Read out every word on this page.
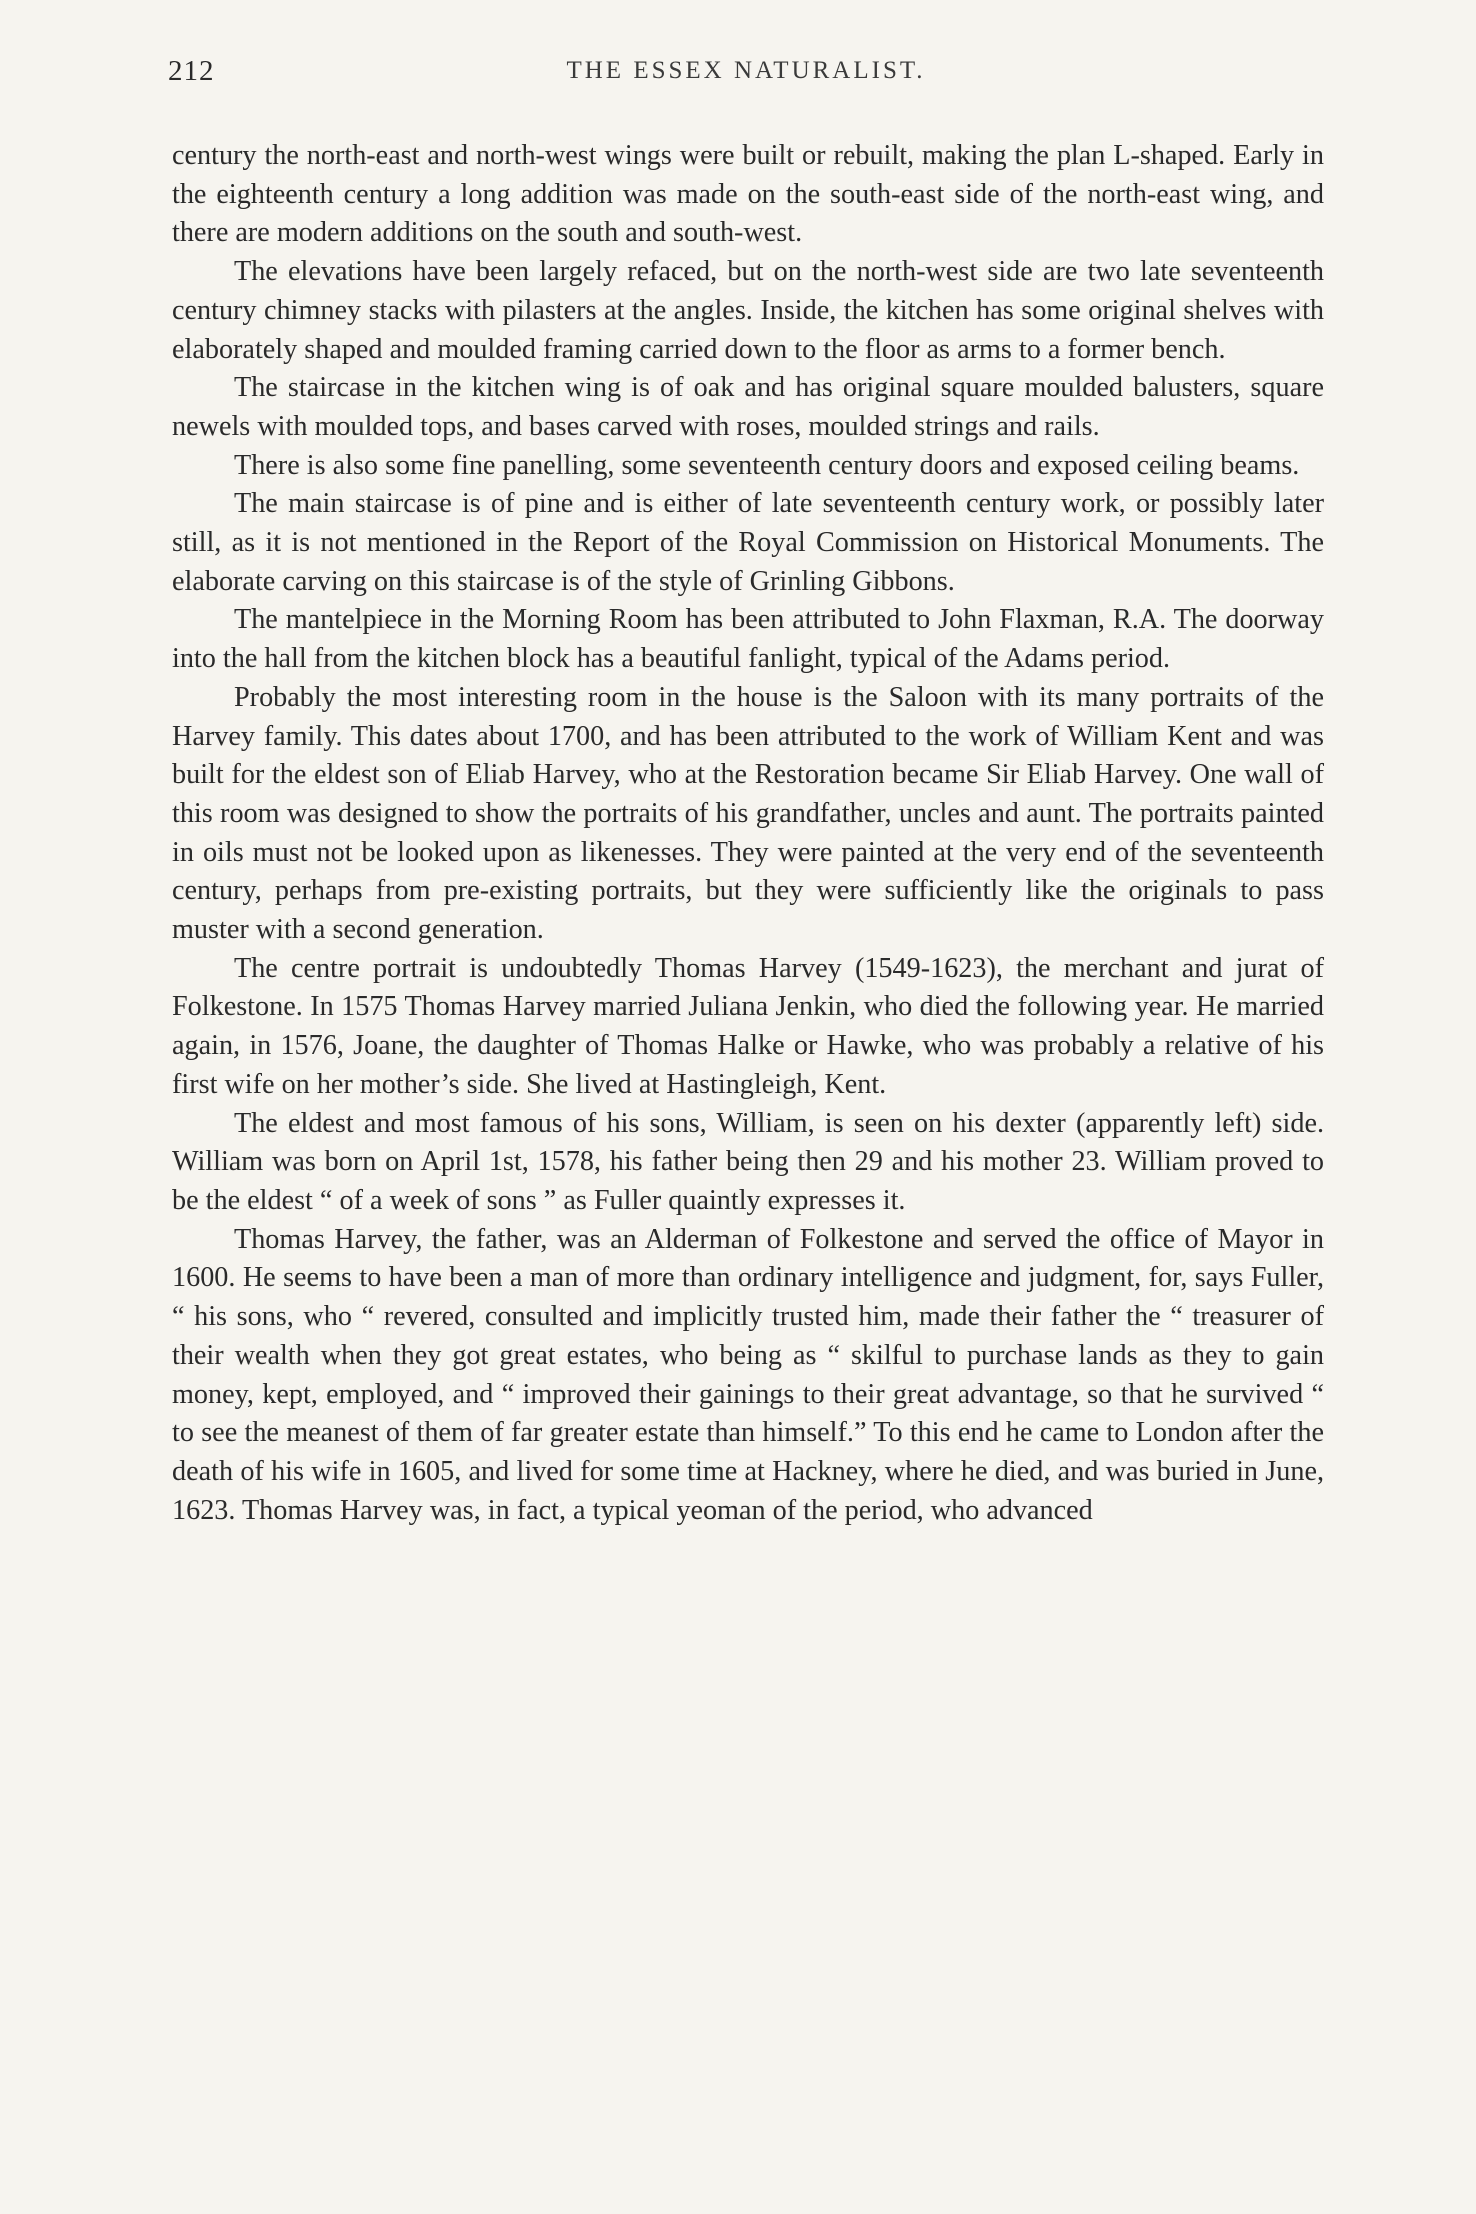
212	THE ESSEX NATURALIST.

century the north-east and north-west wings were built or rebuilt, making the plan L-shaped. Early in the eighteenth century a long addition was made on the south-east side of the north-east wing, and there are modern additions on the south and south-west.

The elevations have been largely refaced, but on the north-west side are two late seventeenth century chimney stacks with pilasters at the angles. Inside, the kitchen has some original shelves with elaborately shaped and moulded framing carried down to the floor as arms to a former bench.

The staircase in the kitchen wing is of oak and has original square moulded balusters, square newels with moulded tops, and bases carved with roses, moulded strings and rails.

There is also some fine panelling, some seventeenth century doors and exposed ceiling beams.

The main staircase is of pine and is either of late seventeenth century work, or possibly later still, as it is not mentioned in the Report of the Royal Commission on Historical Monuments. The elaborate carving on this staircase is of the style of Grinling Gibbons.

The mantelpiece in the Morning Room has been attributed to John Flaxman, R.A. The doorway into the hall from the kitchen block has a beautiful fanlight, typical of the Adams period.

Probably the most interesting room in the house is the Saloon with its many portraits of the Harvey family. This dates about 1700, and has been attributed to the work of William Kent and was built for the eldest son of Eliab Harvey, who at the Restoration became Sir Eliab Harvey. One wall of this room was designed to show the portraits of his grandfather, uncles and aunt. The portraits painted in oils must not be looked upon as likenesses. They were painted at the very end of the seventeenth century, perhaps from pre-existing portraits, but they were sufficiently like the originals to pass muster with a second generation.

The centre portrait is undoubtedly Thomas Harvey (1549-1623), the merchant and jurat of Folkestone. In 1575 Thomas Harvey married Juliana Jenkin, who died the following year. He married again, in 1576, Joane, the daughter of Thomas Halke or Hawke, who was probably a relative of his first wife on her mother’s side. She lived at Hastingleigh, Kent.

The eldest and most famous of his sons, William, is seen on his dexter (apparently left) side. William was born on April 1st, 1578, his father being then 29 and his mother 23. William proved to be the eldest “ of a week of sons ” as Fuller quaintly expresses it.

Thomas Harvey, the father, was an Alderman of Folkestone and served the office of Mayor in 1600. He seems to have been a man of more than ordinary intelligence and judgment, for, says Fuller, “ his sons, who “ revered, consulted and implicitly trusted him, made their father the “ treasurer of their wealth when they got great estates, who being as “ skilful to purchase lands as they to gain money, kept, employed, and “ improved their gainings to their great advantage, so that he survived “ to see the meanest of them of far greater estate than himself.” To this end he came to London after the death of his wife in 1605, and lived for some time at Hackney, where he died, and was buried in June, 1623. Thomas Harvey was, in fact, a typical yeoman of the period, who advanced
